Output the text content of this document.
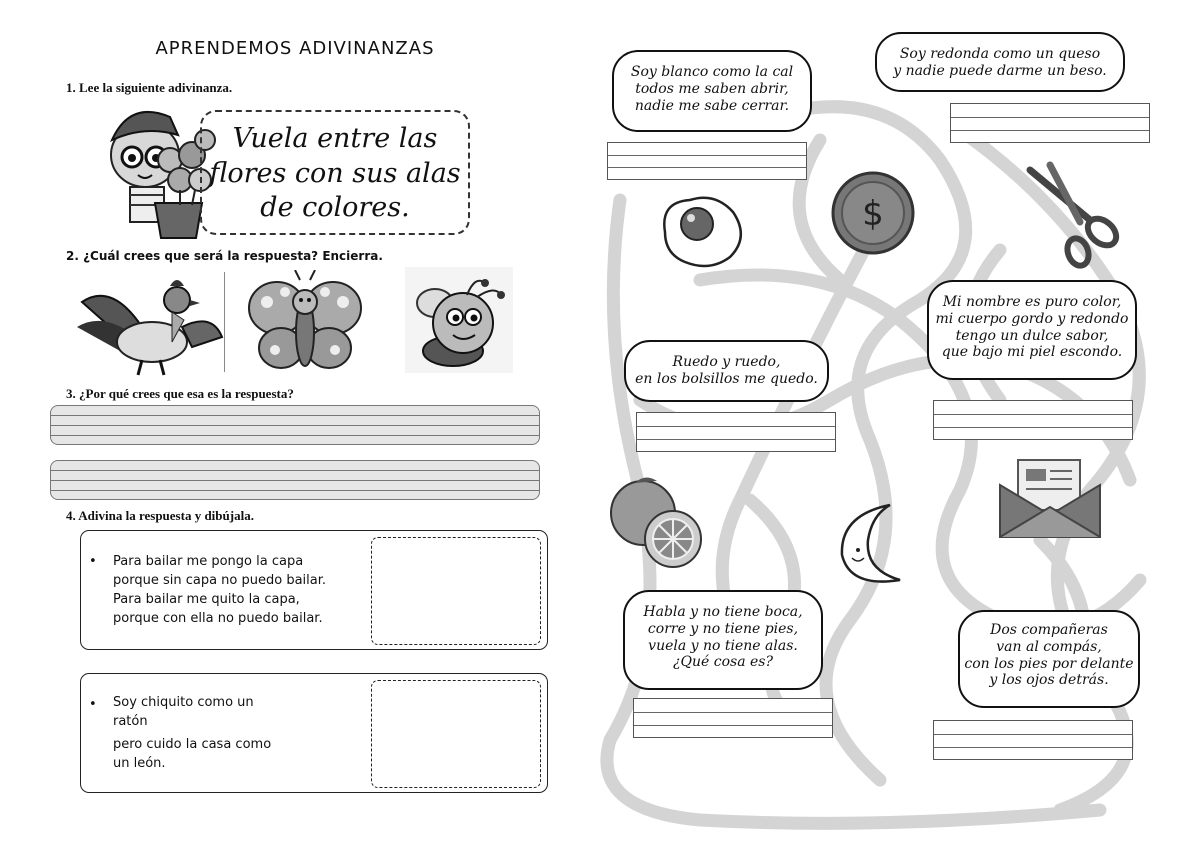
APRENDEMOS ADIVINANZAS
1. Lee la siguiente adivinanza.
Vuela entre las
flores con sus alas
de colores.
2. ¿Cuál crees que será la respuesta? Encierra.
3. ¿Por qué crees que esa es la respuesta?
4. Adivina la respuesta y dibújala.
• Para bailar me pongo la capa
porque sin capa no puedo bailar.
Para bailar me quito la capa,
porque con ella no puedo bailar.
• Soy chiquito como un
ratón
pero cuido la casa como
un león.
Soy blanco como la cal
todos me saben abrir,
nadie me sabe cerrar.
Soy redonda como un queso
y nadie puede darme un beso.
$
Mi nombre es puro color,
mi cuerpo gordo y redondo
tengo un dulce sabor,
que bajo mi piel escondo.
Ruedo y ruedo,
en los bolsillos me quedo.
Habla y no tiene boca,
corre y no tiene pies,
vuela y no tiene alas.
¿Qué cosa es?
Dos compañeras
van al compás,
con los pies por delante
y los ojos detrás.
